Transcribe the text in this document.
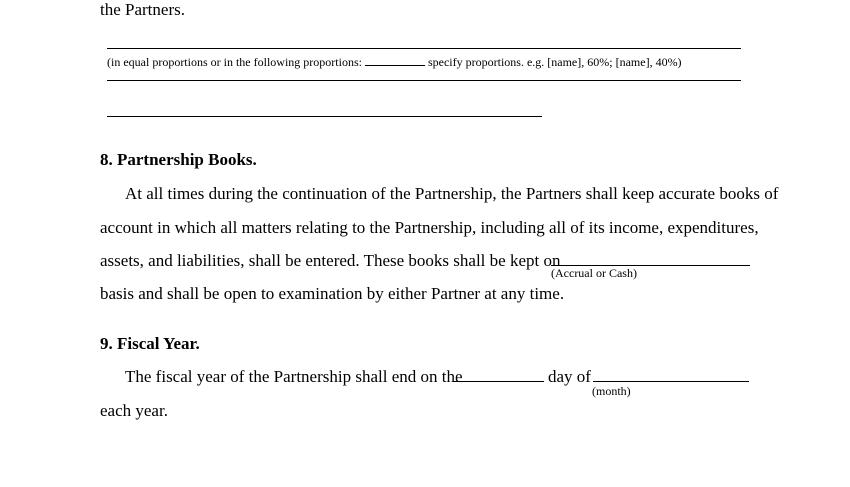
the Partners.
(in equal proportions or in the following proportions:	specify proportions. e.g. [name], 60%; [name], 40%)
8. Partnership Books.
At all times during the continuation of the Partnership, the Partners shall keep accurate books of
account in which all matters relating to the Partnership, including all of its income, expenditures,
assets, and liabilities, shall be entered. These books shall be kept on
(Accrual or Cash)
basis and shall be open to examination by either Partner at any time.
9. Fiscal Year.
The fiscal year of the Partnership shall end on the	day of
(month)
each year.
